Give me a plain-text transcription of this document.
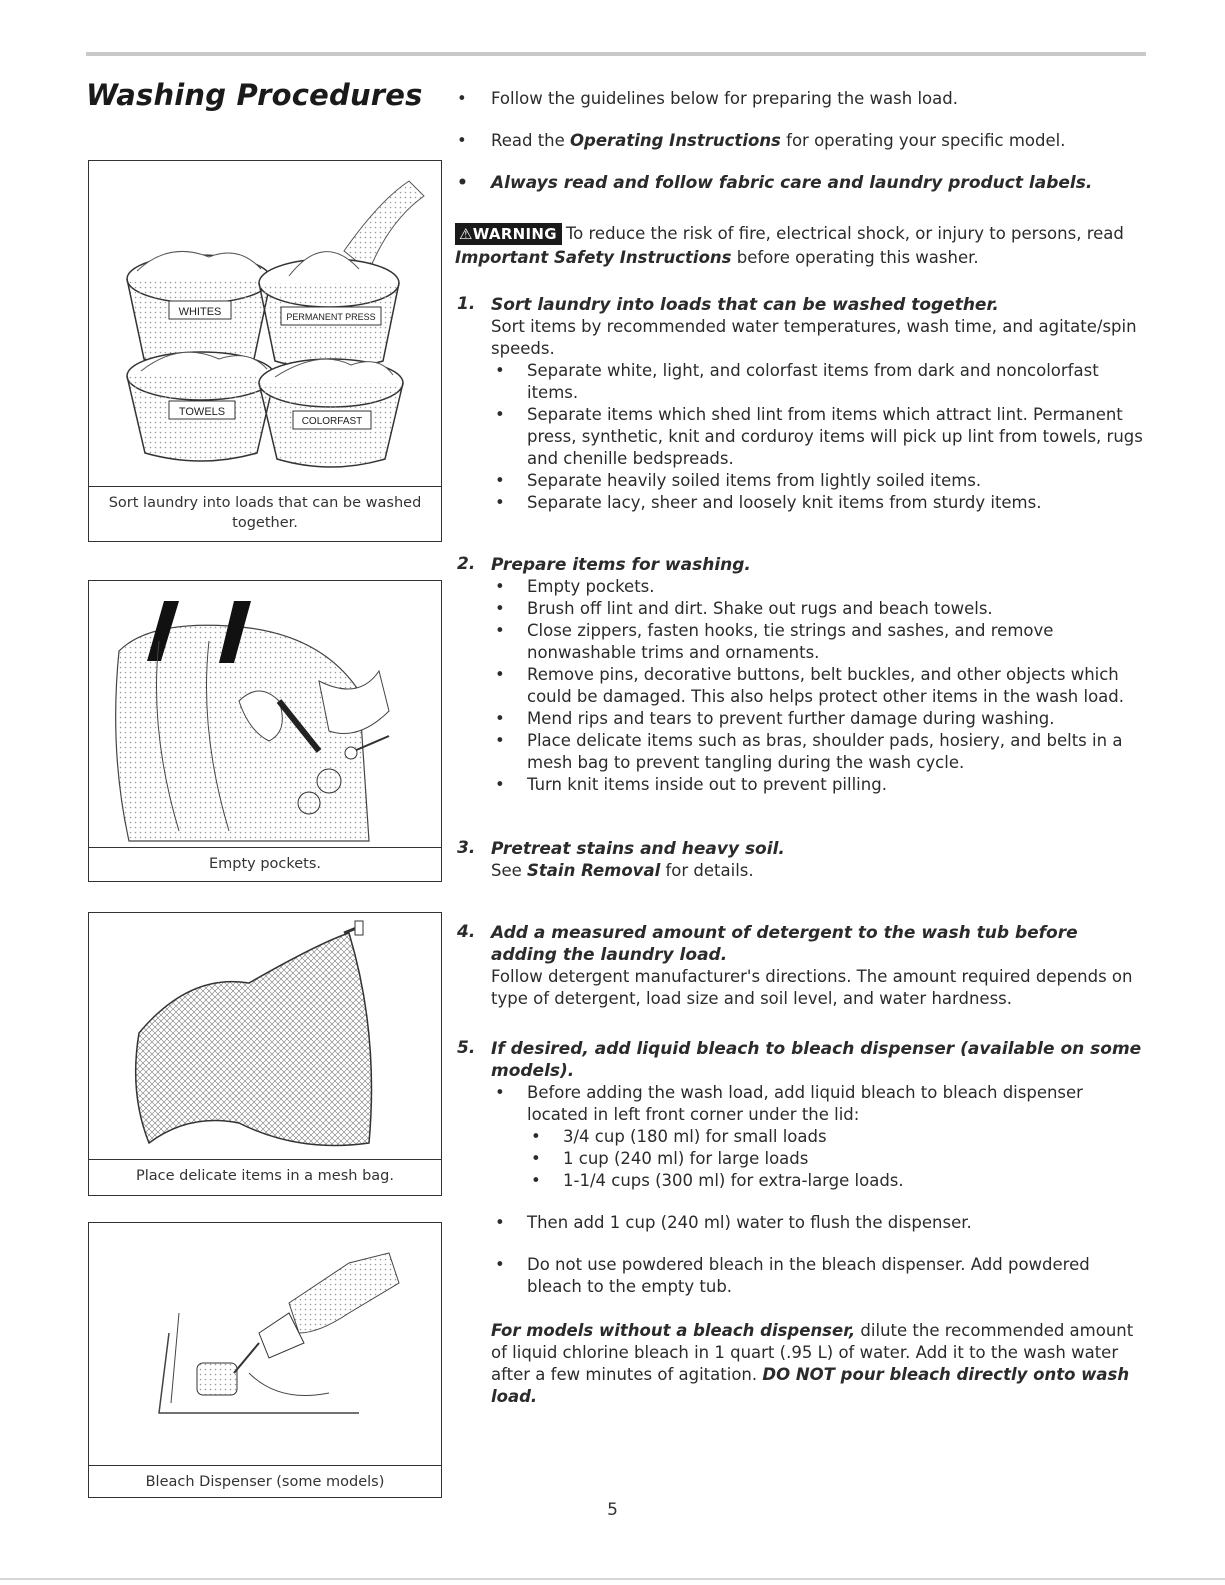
Washing Procedures
WHITES	PERMANENT PRESS
TOWELS
COLORFAST
Sort laundry into loads that can be washed together.
Empty pockets.
Place delicate items in a mesh bag.
Bleach Dispenser (some models)
• Follow the guidelines below for preparing the wash load.
• Read the Operating Instructions for operating your specific model.
• Always read and follow fabric care and laundry product labels.
⚠WARNING To reduce the risk of fire, electrical shock, or injury to persons, read Important Safety Instructions before operating this washer.
1. Sort laundry into loads that can be washed together.

Sort items by recommended water temperatures, wash time, and agitate/spin speeds.

• Separate white, light, and colorfast items from dark and noncolorfast items.
• Separate items which shed lint from items which attract lint. Permanent press, synthetic, knit and corduroy items will pick up lint from towels, rugs and chenille bedspreads.
• Separate heavily soiled items from lightly soiled items.
• Separate lacy, sheer and loosely knit items from sturdy items.
2. Prepare items for washing.
• Empty pockets.
• Brush off lint and dirt. Shake out rugs and beach towels.
• Close zippers, fasten hooks, tie strings and sashes, and remove nonwashable trims and ornaments.
• Remove pins, decorative buttons, belt buckles, and other objects which could be damaged. This also helps protect other items in the wash load.
• Mend rips and tears to prevent further damage during washing.
• Place delicate items such as bras, shoulder pads, hosiery, and belts in a mesh bag to prevent tangling during the wash cycle.
• Turn knit items inside out to prevent pilling.
3. Pretreat stains and heavy soil.

See Stain Removal for details.

4. Add a measured amount of detergent to the wash tub before adding the laundry load.

Follow detergent manufacturer's directions. The amount required depends on type of detergent, load size and soil level, and water hardness.

5. If desired, add liquid bleach to bleach dispenser (available on some models).
• Before adding the wash load, add liquid bleach to bleach dispenser located in left front corner under the lid:
• 3/4 cup (180 ml) for small loads
• 1 cup (240 ml) for large loads
• 1-1/4 cups (300 ml) for extra-large loads.
• Then add 1 cup (240 ml) water to flush the dispenser.
• Do not use powdered bleach in the bleach dispenser. Add powdered bleach to the empty tub.

For models without a bleach dispenser, dilute the recommended amount of liquid chlorine bleach in 1 quart (.95 L) of water. Add it to the wash water after a few minutes of agitation. DO NOT pour bleach directly onto wash load.

5
